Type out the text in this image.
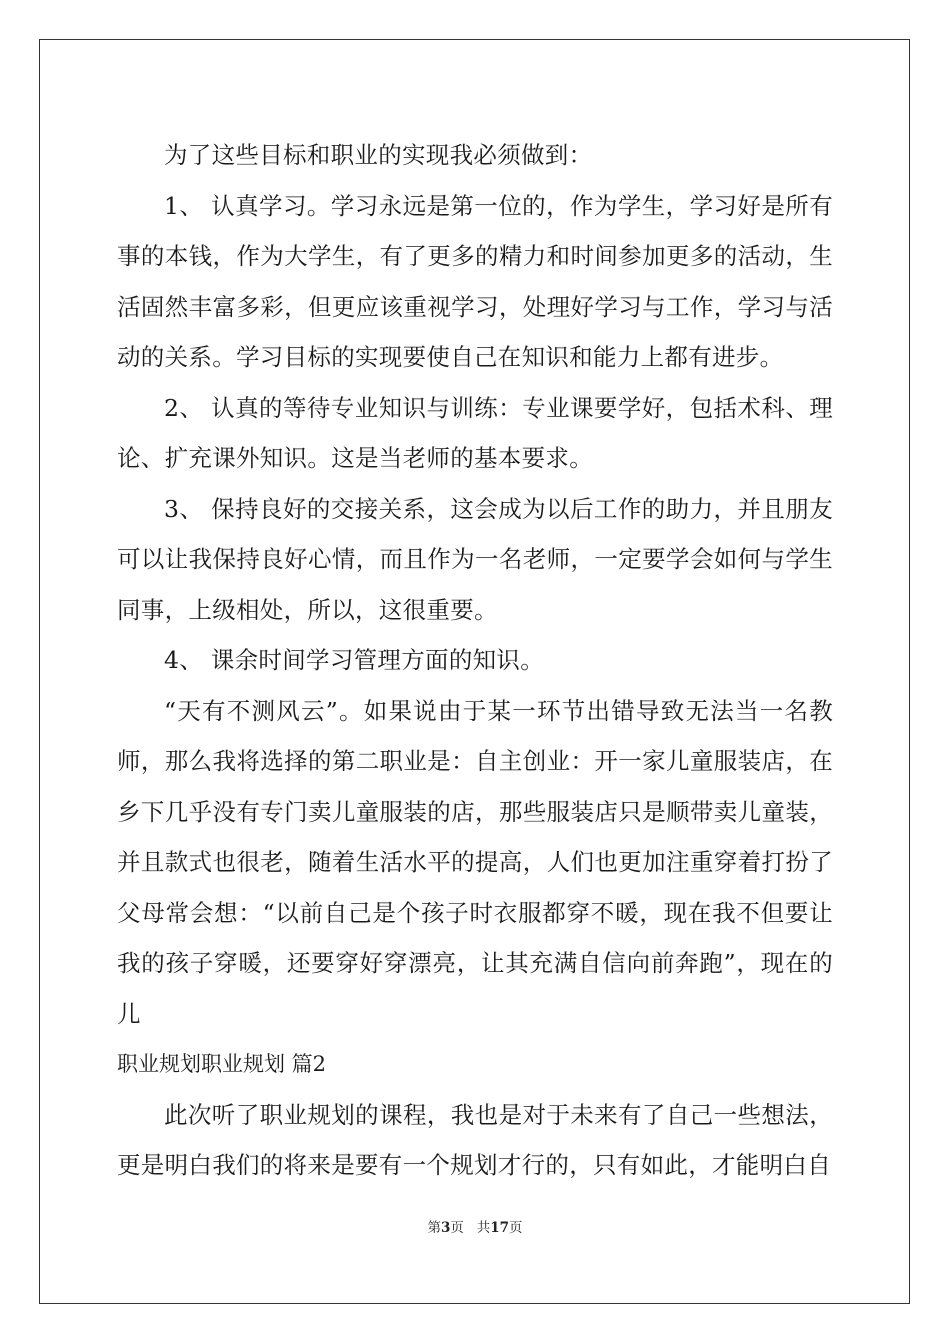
为了这些目标和职业的实现我必须做到：

1、 认真学习。学习永远是第一位的，作为学生，学习好是所有事的本钱，作为大学生，有了更多的精力和时间参加更多的活动，生活固然丰富多彩，但更应该重视学习，处理好学习与工作，学习与活动的关系。学习目标的实现要使自己在知识和能力上都有进步。

2、 认真的等待专业知识与训练：专业课要学好，包括术科、理论、扩充课外知识。这是当老师的基本要求。

3、 保持良好的交接关系，这会成为以后工作的助力，并且朋友可以让我保持良好心情，而且作为一名老师，一定要学会如何与学生同事，上级相处，所以，这很重要。

4、 课余时间学习管理方面的知识。

“天有不测风云”。如果说由于某一环节出错导致无法当一名教师，那么我将选择的第二职业是：自主创业：开一家儿童服装店，在乡下几乎没有专门卖儿童服装的店，那些服装店只是顺带卖儿童装，并且款式也很老，随着生活水平的提高，人们也更加注重穿着打扮了父母常会想：“以前自己是个孩子时衣服都穿不暖，现在我不但要让我的孩子穿暖，还要穿好穿漂亮，让其充满自信向前奔跑”，现在的儿

职业规划职业规划 篇2

此次听了职业规划的课程，我也是对于未来有了自己一些想法，更是明白我们的将来是要有一个规划才行的，只有如此，才能明白自

第3页 共17页
